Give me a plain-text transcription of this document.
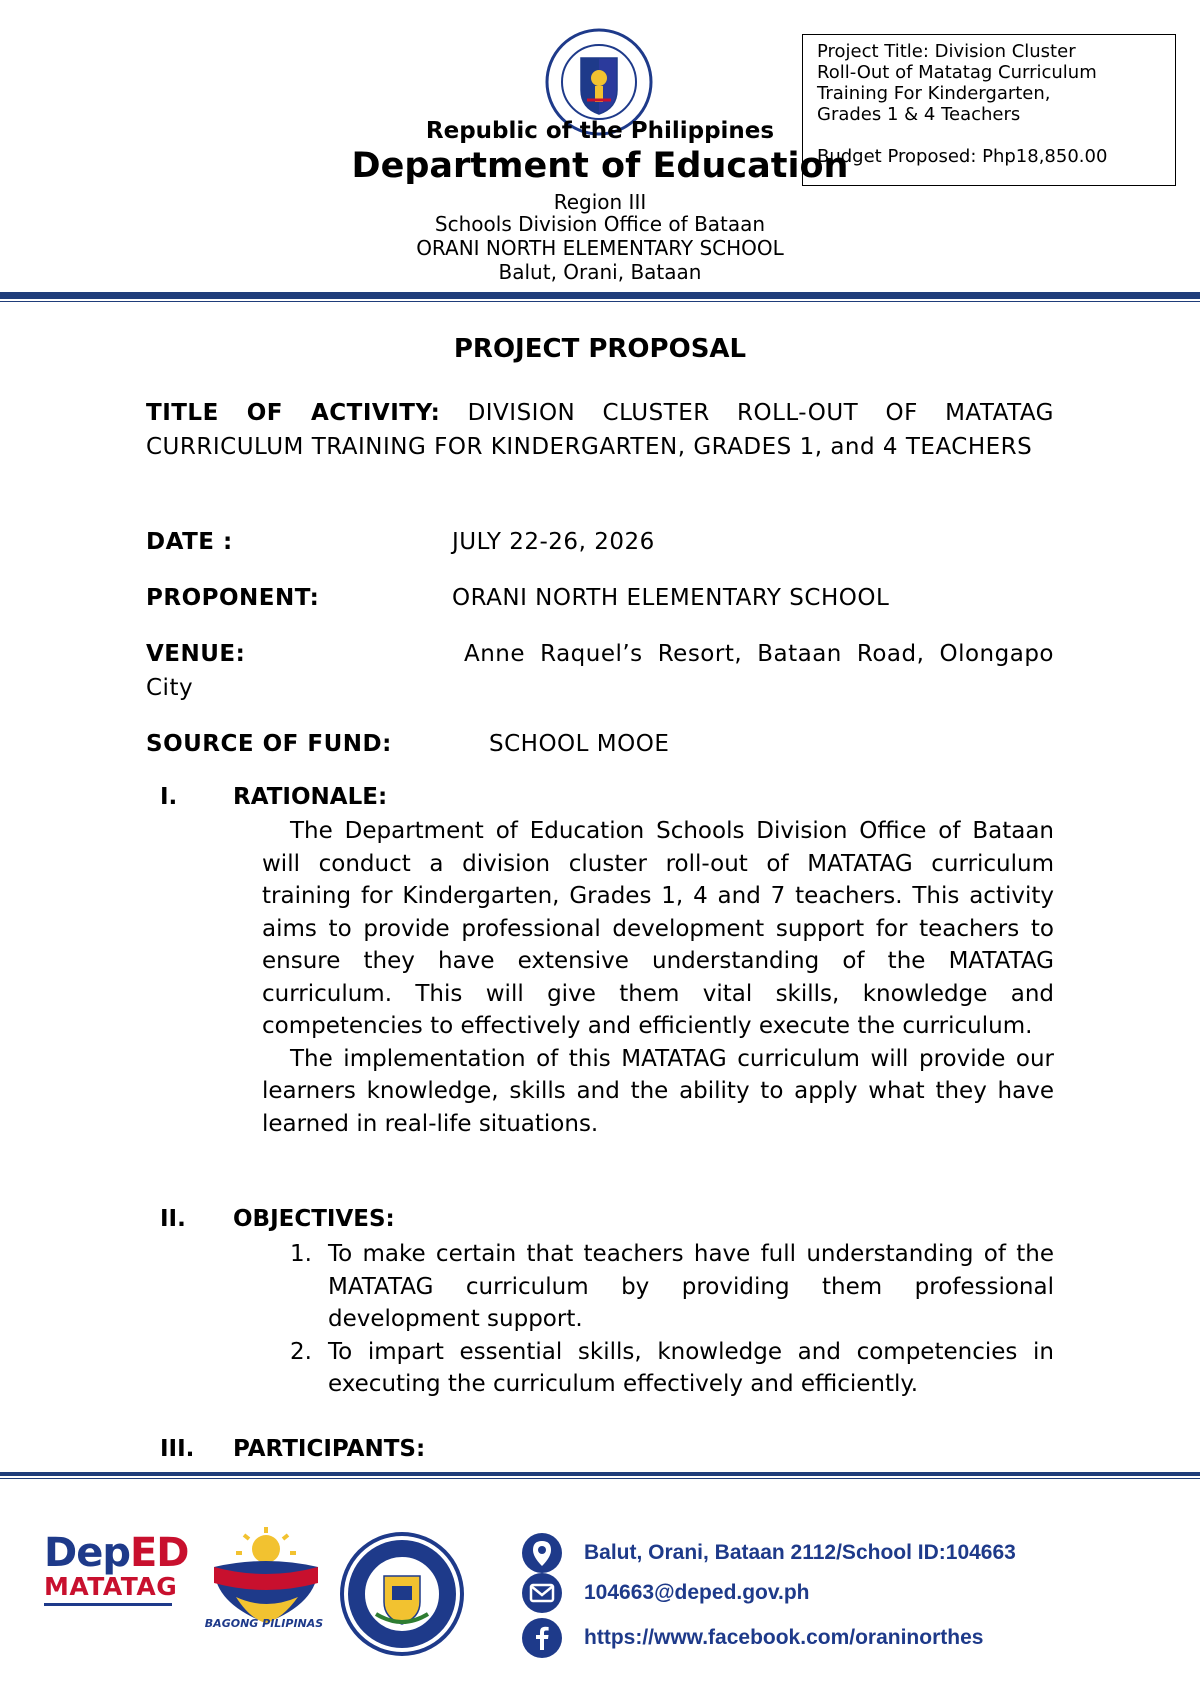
Republic of the Philippines
Department of Education
Region III
Schools Division Office of Bataan
ORANI NORTH ELEMENTARY SCHOOL
Balut, Orani, Bataan
Project Title: Division Cluster
Roll-Out of Matatag Curriculum
Training For Kindergarten,
Grades 1 & 4 Teachers
Budget Proposed: Php18,850.00
PROJECT PROPOSAL
TITLE OF ACTIVITY: DIVISION CLUSTER ROLL-OUT OF MATATAG CURRICULUM TRAINING FOR KINDERGARTEN, GRADES 1, and 4 TEACHERS
DATE :	JULY 22-26, 2026
PROPONENT:	ORANI NORTH ELEMENTARY SCHOOL
VENUE:	Anne Raquel’s Resort, Bataan Road, Olongapo
City
SOURCE OF FUND:	SCHOOL MOOE
I. RATIONALE:

The Department of Education Schools Division Office of Bataan will conduct a division cluster roll-out of MATATAG curriculum training for Kindergarten, Grades 1, 4 and 7 teachers. This activity aims to provide professional development support for teachers to ensure they have extensive understanding of the MATATAG curriculum. This will give them vital skills, knowledge and competencies to effectively and efficiently execute the curriculum.

The implementation of this MATATAG curriculum will provide our learners knowledge, skills and the ability to apply what they have learned in real-life situations.

II. OBJECTIVES:
1. To make certain that teachers have full understanding of the MATATAG curriculum by providing them professional development support.
2. To impart essential skills, knowledge and competencies in executing the curriculum effectively and efficiently.
III. PARTICIPANTS:
DepED
MATATAG
BAGONG PILIPINAS
Balut, Orani, Bataan 2112/School ID:104663
104663@deped.gov.ph
https://www.facebook.com/oraninorthes
